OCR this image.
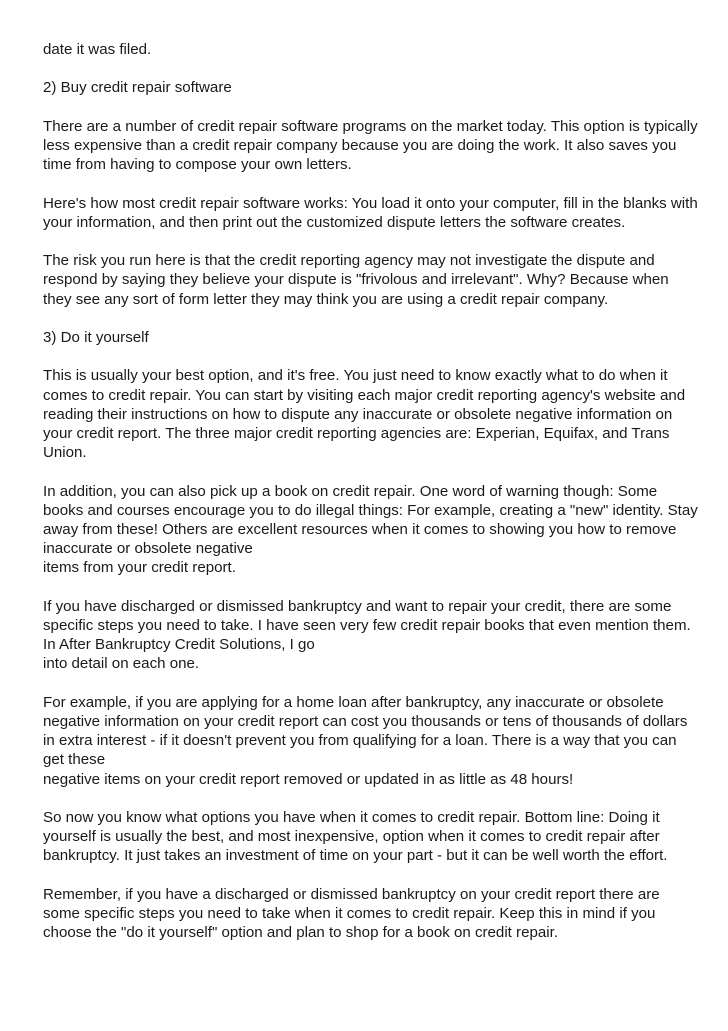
date it was filed.

2) Buy credit repair software

There are a number of credit repair software programs on the market today. This option is typically
less expensive than a credit repair company because you are doing the work. It also saves you
time from having to compose your own letters.

Here's how most credit repair software works: You load it onto your computer, fill in the blanks with
your information, and then print out the customized dispute letters the software creates.

The risk you run here is that the credit reporting agency may not investigate the dispute and
respond by saying they believe your dispute is "frivolous and irrelevant". Why? Because when
they see any sort of form letter they may think you are using a credit repair company.

3) Do it yourself

This is usually your best option, and it's free. You just need to know exactly what to do when it
comes to credit repair. You can start by visiting each major credit reporting agency's website and
reading their instructions on how to dispute any inaccurate or obsolete negative information on
your credit report. The three major credit reporting agencies are: Experian, Equifax, and Trans
Union.

In addition, you can also pick up a book on credit repair. One word of warning though: Some
books and courses encourage you to do illegal things: For example, creating a "new" identity. Stay
away from these! Others are excellent resources when it comes to showing you how to remove
inaccurate or obsolete negative
items from your credit report.

If you have discharged or dismissed bankruptcy and want to repair your credit, there are some
specific steps you need to take. I have seen very few credit repair books that even mention them.
In After Bankruptcy Credit Solutions, I go
into detail on each one.

For example, if you are applying for a home loan after bankruptcy, any inaccurate or obsolete
negative information on your credit report can cost you thousands or tens of thousands of dollars
in extra interest - if it doesn't prevent you from qualifying for a loan. There is a way that you can
get these
negative items on your credit report removed or updated in as little as 48 hours!

So now you know what options you have when it comes to credit repair. Bottom line: Doing it
yourself is usually the best, and most inexpensive, option when it comes to credit repair after
bankruptcy. It just takes an investment of time on your part - but it can be well worth the effort.

Remember, if you have a discharged or dismissed bankruptcy on your credit report there are
some specific steps you need to take when it comes to credit repair. Keep this in mind if you
choose the "do it yourself" option and plan to shop for a book on credit repair.
